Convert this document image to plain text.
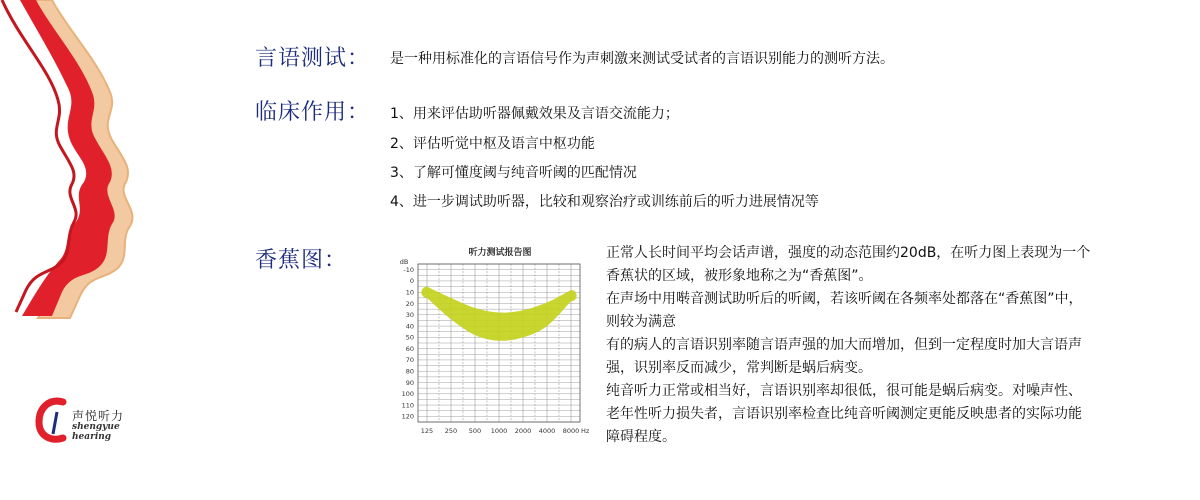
声悦听力
shengyue hearing
言语测试： 是一种用标准化的言语信号作为声刺激来测试受试者的言语识别能力的测听方法。
临床作用： 1、用来评估助听器佩戴效果及言语交流能力；
2、评估听觉中枢及语言中枢功能
3、了解可懂度阈与纯音听阈的匹配情况
4、进一步调试助听器，比较和观察治疗或训练前后的听力进展情况等
香蕉图：	听力测试报告图
dB
-10
0
10
20
30
40
50
60
70
80
90
100
110
120
125 250 500 1000 2000 4000 8000 Hz

正常人长时间平均会话声谱，强度的动态范围约20dB，在听力图上表现为一个香蕉状的区域，被形象地称之为“香蕉图”。

在声场中用啭音测试助听后的听阈，若该听阈在各频率处都落在“香蕉图”中，则较为满意

有的病人的言语识别率随言语声强的加大而增加，但到一定程度时加大言语声强，识别率反而减少，常判断是蜗后病变。

纯音听力正常或相当好，言语识别率却很低，很可能是蜗后病变。对噪声性、老年性听力损失者，言语识别率检查比纯音听阈测定更能反映患者的实际功能障碍程度。
